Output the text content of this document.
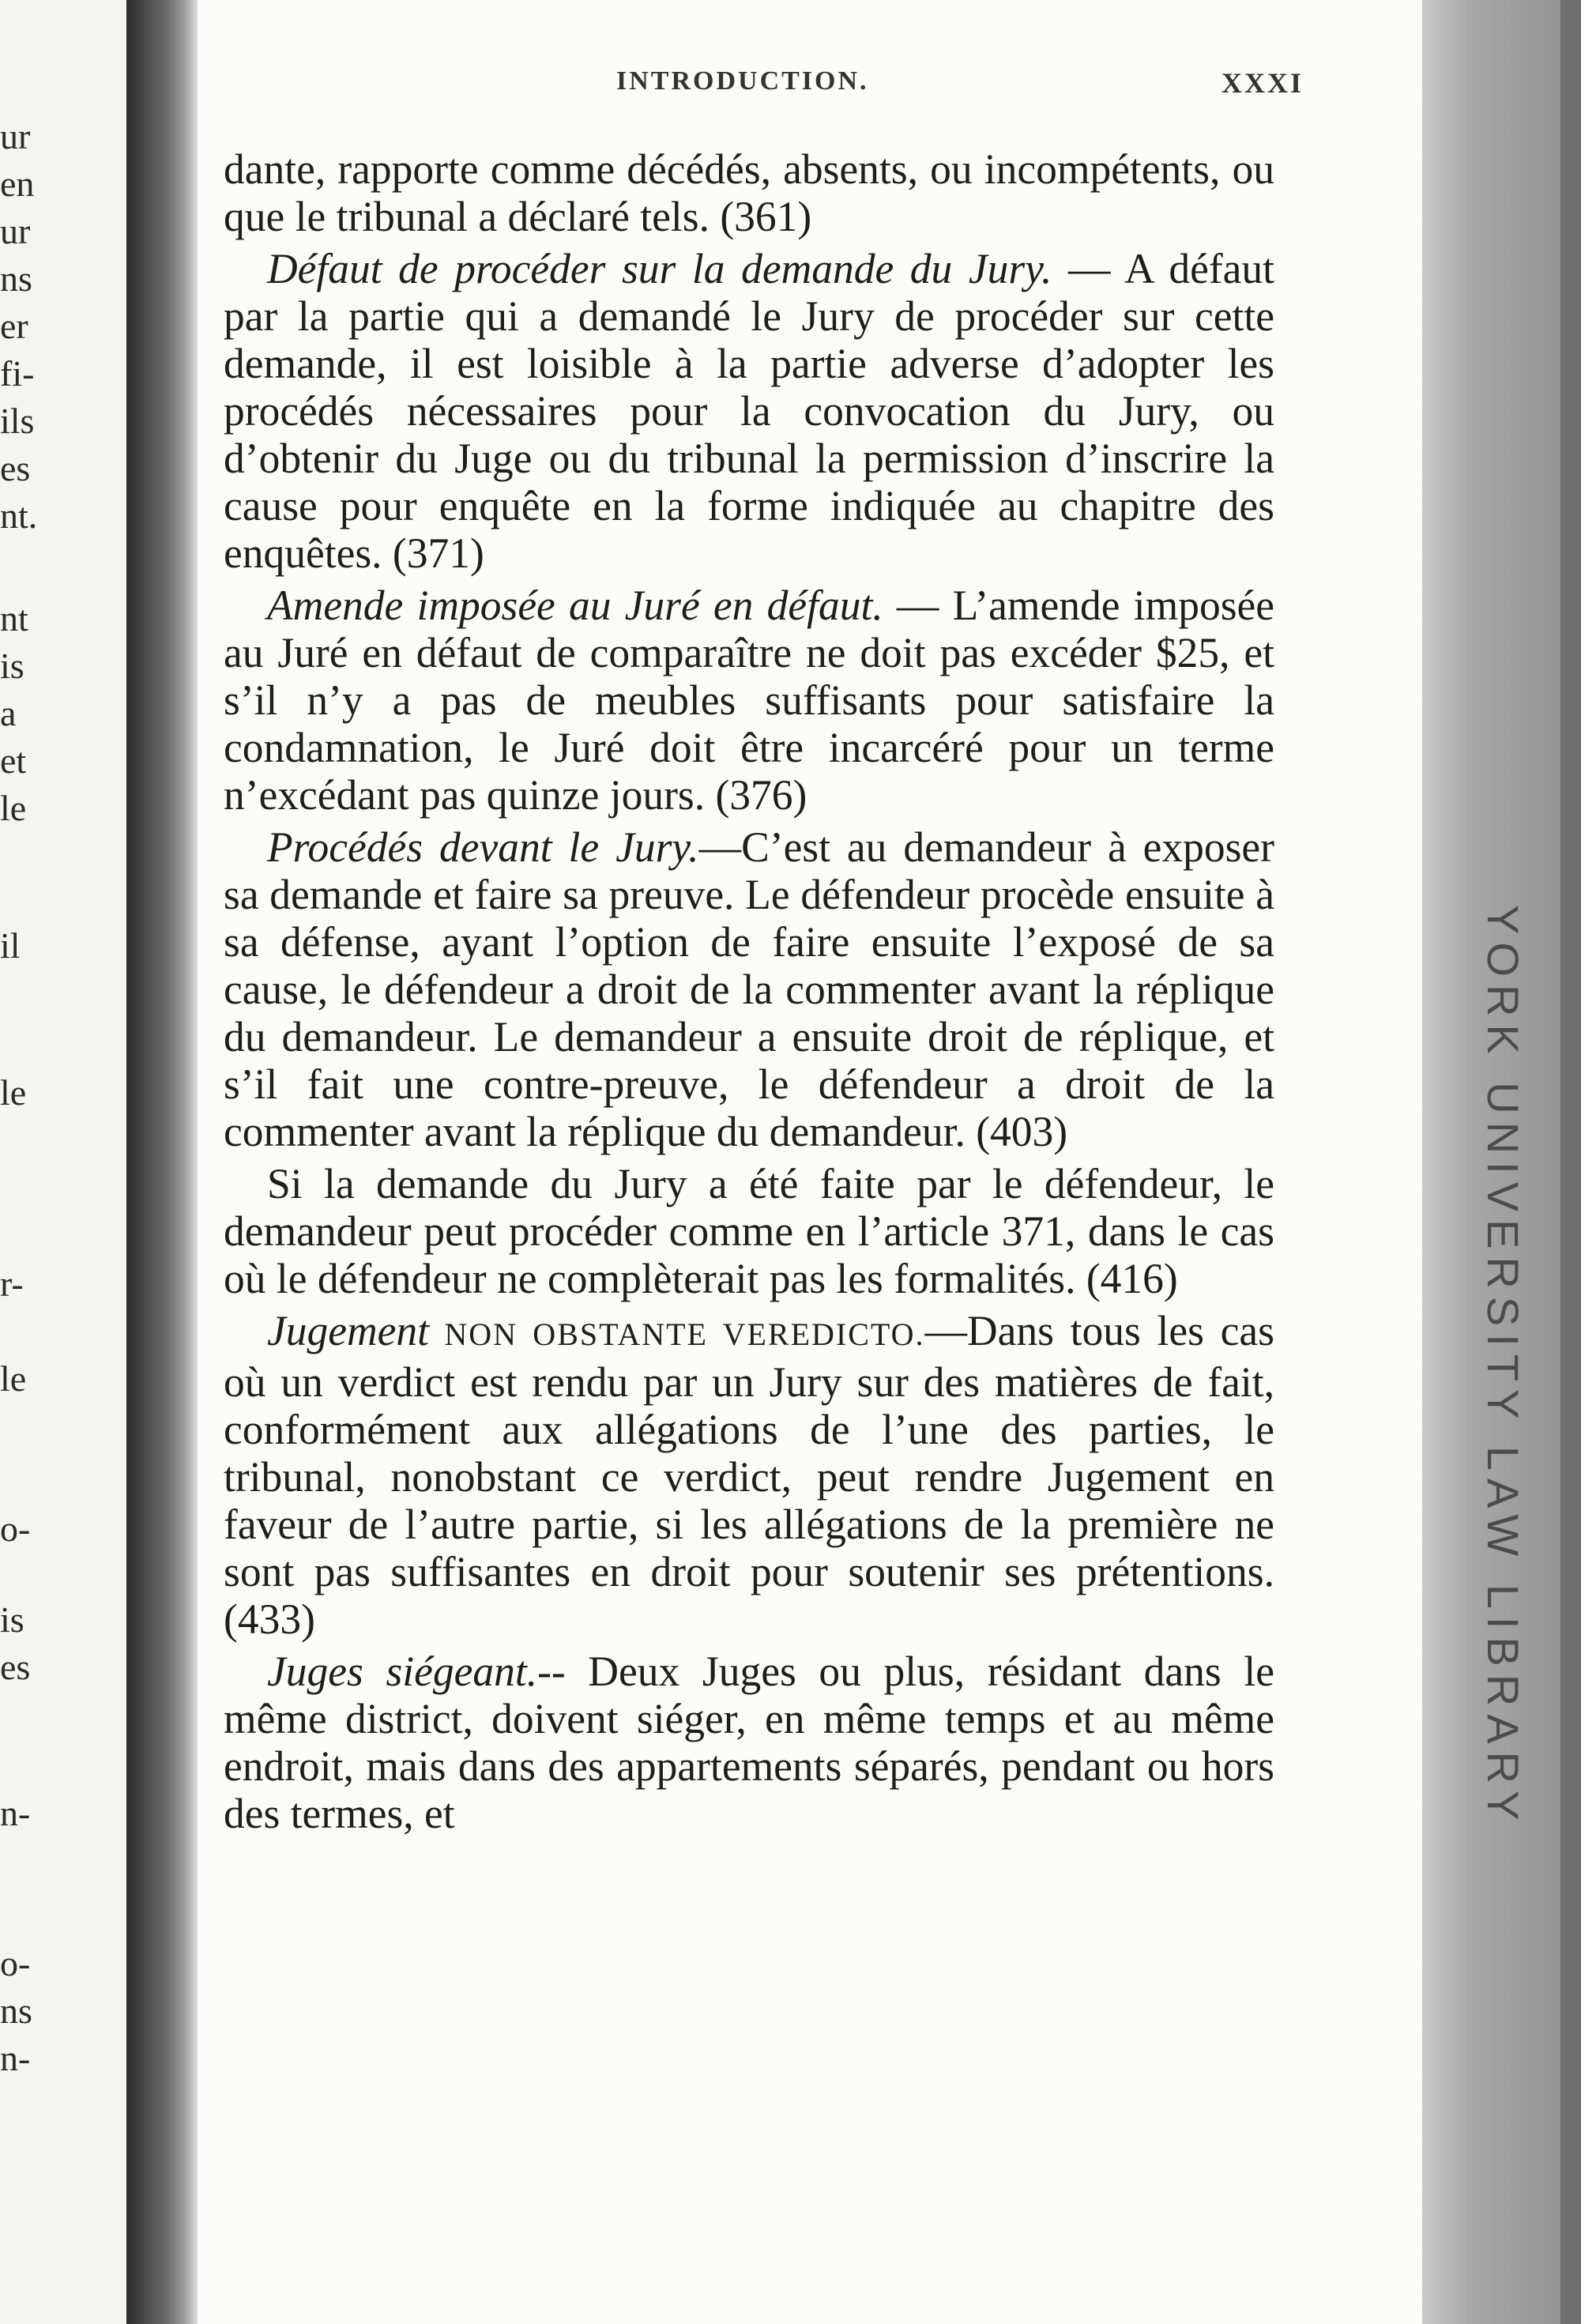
ur
en
ur
ns
er
fi-
ils
es
nt.
nt
is
a
et
le
il
le
r-
le
o-
is
es
n-
o-
ns
n-
INTRODUCTION.	XXXI

dante, rapporte comme décédés, absents, ou incompétents, ou que le tribunal a déclaré tels. (361)

Défaut de procéder sur la demande du Jury. — A défaut par la partie qui a demandé le Jury de procéder sur cette demande, il est loisible à la partie adverse d’adopter les procédés nécessaires pour la convocation du Jury, ou d’obtenir du Juge ou du tribunal la permission d’inscrire la cause pour enquête en la forme indiquée au chapitre des enquêtes. (371)

Amende imposée au Juré en défaut. — L’amende imposée au Juré en défaut de comparaître ne doit pas excéder $25, et s’il n’y a pas de meubles suffisants pour satisfaire la condamnation, le Juré doit être incarcéré pour un terme n’excédant pas quinze jours. (376)

Procédés devant le Jury.—C’est au demandeur à exposer sa demande et faire sa preuve. Le défendeur procède ensuite à sa défense, ayant l’option de faire ensuite l’exposé de sa cause, le défendeur a droit de la commenter avant la réplique du demandeur. Le demandeur a ensuite droit de réplique, et s’il fait une contre-preuve, le défendeur a droit de la commenter avant la réplique du demandeur. (403)

Si la demande du Jury a été faite par le défendeur, le demandeur peut procéder comme en l’article 371, dans le cas où le défendeur ne complèterait pas les formalités. (416)

Jugement NON OBSTANTE VEREDICTO.—Dans tous les cas où un verdict est rendu par un Jury sur des matières de fait, conformément aux allégations de l’une des parties, le tribunal, nonobstant ce verdict, peut rendre Jugement en faveur de l’autre partie, si les allégations de la première ne sont pas suffisantes en droit pour soutenir ses prétentions. (433)

Juges siégeant.-- Deux Juges ou plus, résidant dans le même district, doivent siéger, en même temps et au même endroit, mais dans des appartements séparés, pendant ou hors des termes, et	YORK UNIVERSITY LAW LIBRARY
